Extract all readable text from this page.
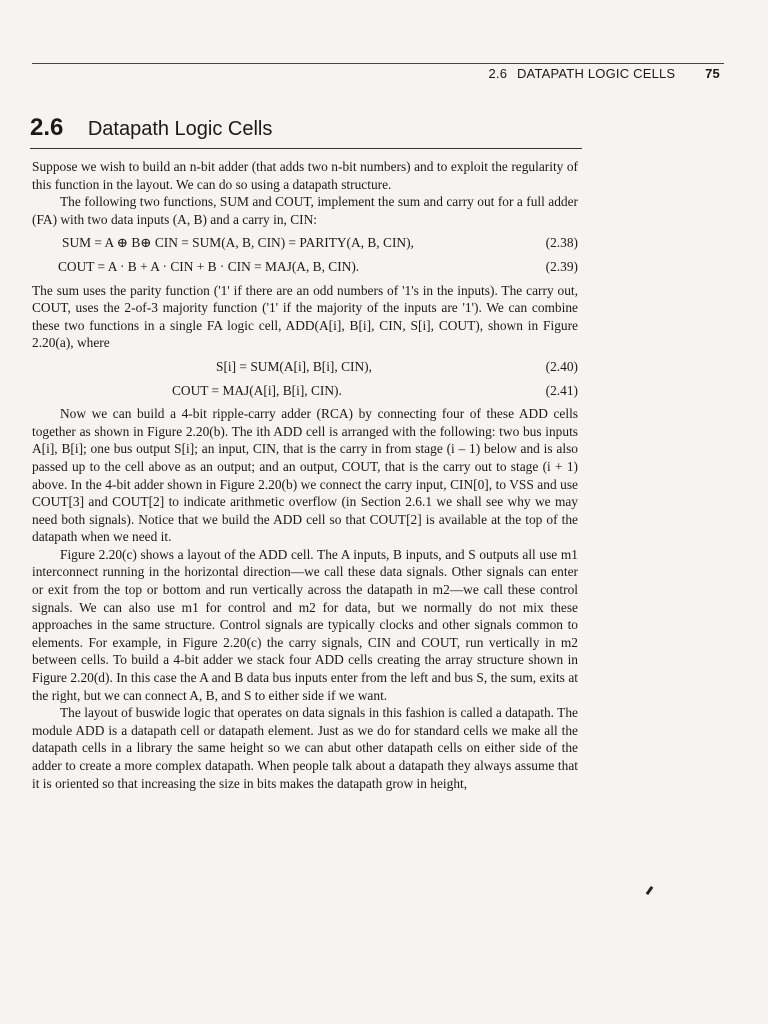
2.6 DATAPATH LOGIC CELLS 75
2.6 Datapath Logic Cells

Suppose we wish to build an n-bit adder (that adds two n-bit numbers) and to exploit the regularity of this function in the layout. We can do so using a datapath structure.

The following two functions, SUM and COUT, implement the sum and carry out for a full adder (FA) with two data inputs (A, B) and a carry in, CIN:

SUM = A ⊕ B⊕ CIN = SUM(A, B, CIN) = PARITY(A, B, CIN),	(2.38)
COUT = A · B + A · CIN + B · CIN = MAJ(A, B, CIN).	(2.39)

The sum uses the parity function ('1' if there are an odd numbers of '1's in the inputs). The carry out, COUT, uses the 2-of-3 majority function ('1' if the majority of the inputs are '1'). We can combine these two functions in a single FA logic cell, ADD(A[i], B[i], CIN, S[i], COUT), shown in Figure 2.20(a), where

S[i] = SUM(A[i], B[i], CIN),	(2.40)
COUT = MAJ(A[i], B[i], CIN).	(2.41)

Now we can build a 4-bit ripple-carry adder (RCA) by connecting four of these ADD cells together as shown in Figure 2.20(b). The ith ADD cell is arranged with the following: two bus inputs A[i], B[i]; one bus output S[i]; an input, CIN, that is the carry in from stage (i – 1) below and is also passed up to the cell above as an output; and an output, COUT, that is the carry out to stage (i + 1) above. In the 4-bit adder shown in Figure 2.20(b) we connect the carry input, CIN[0], to VSS and use COUT[3] and COUT[2] to indicate arithmetic overflow (in Section 2.6.1 we shall see why we may need both signals). Notice that we build the ADD cell so that COUT[2] is available at the top of the datapath when we need it.

Figure 2.20(c) shows a layout of the ADD cell. The A inputs, B inputs, and S outputs all use m1 interconnect running in the horizontal direction—we call these data signals. Other signals can enter or exit from the top or bottom and run vertically across the datapath in m2—we call these control signals. We can also use m1 for control and m2 for data, but we normally do not mix these approaches in the same structure. Control signals are typically clocks and other signals common to elements. For example, in Figure 2.20(c) the carry signals, CIN and COUT, run vertically in m2 between cells. To build a 4-bit adder we stack four ADD cells creating the array structure shown in Figure 2.20(d). In this case the A and B data bus inputs enter from the left and bus S, the sum, exits at the right, but we can connect A, B, and S to either side if we want.

The layout of buswide logic that operates on data signals in this fashion is called a datapath. The module ADD is a datapath cell or datapath element. Just as we do for standard cells we make all the datapath cells in a library the same height so we can abut other datapath cells on either side of the adder to create a more complex datapath. When people talk about a datapath they always assume that it is oriented so that increasing the size in bits makes the datapath grow in height,
